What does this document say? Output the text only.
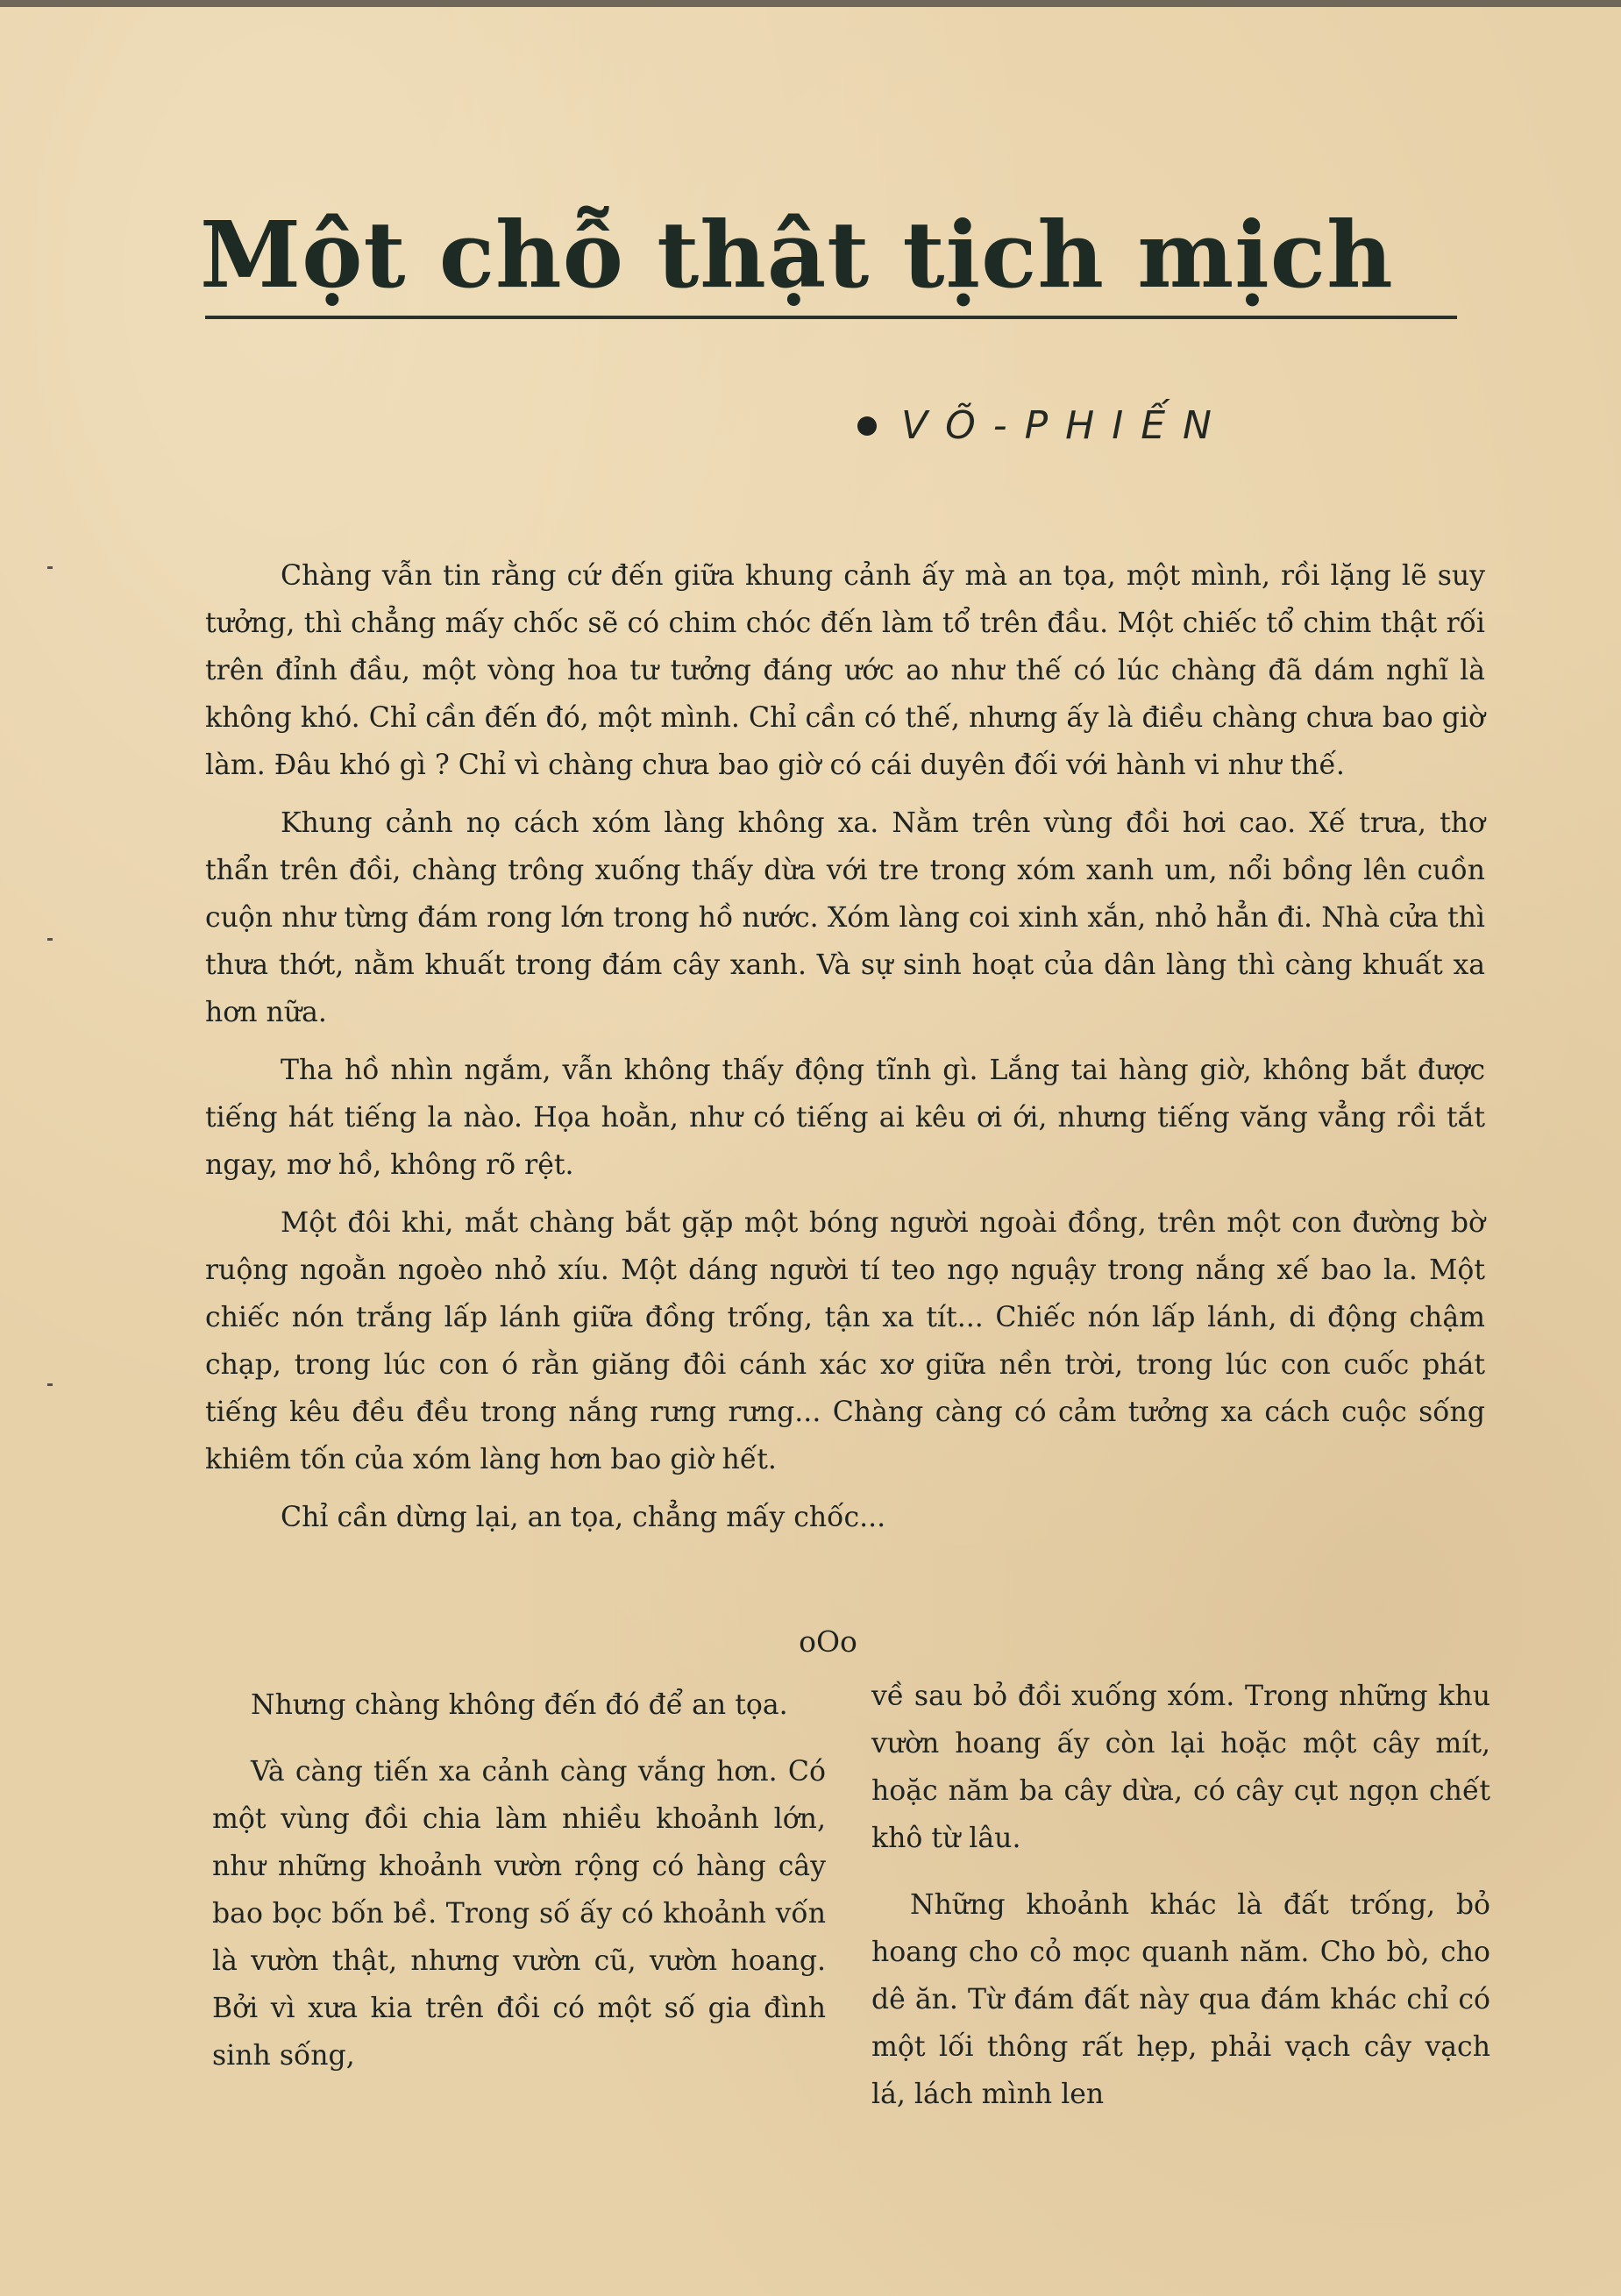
Một chỗ thật tịch mịch
VÕ-PHIẾN

Chàng vẫn tin rằng cứ đến giữa khung cảnh ấy mà an tọa, một mình, rồi lặng lẽ suy tưởng, thì chẳng mấy chốc sẽ có chim chóc đến làm tổ trên đầu. Một chiếc tổ chim thật rối trên đỉnh đầu, một vòng hoa tư tưởng đáng ước ao như thế có lúc chàng đã dám nghĩ là không khó. Chỉ cần đến đó, một mình. Chỉ cần có thế, nhưng ấy là điều chàng chưa bao giờ làm. Đâu khó gì ? Chỉ vì chàng chưa bao giờ có cái duyên đối với hành vi như thế.

Khung cảnh nọ cách xóm làng không xa. Nằm trên vùng đồi hơi cao. Xế trưa, thơ thẩn trên đồi, chàng trông xuống thấy dừa với tre trong xóm xanh um, nổi bồng lên cuồn cuộn như từng đám rong lớn trong hồ nước. Xóm làng coi xinh xắn, nhỏ hẳn đi. Nhà cửa thì thưa thớt, nằm khuất trong đám cây xanh. Và sự sinh hoạt của dân làng thì càng khuất xa hơn nữa.

Tha hồ nhìn ngắm, vẫn không thấy động tĩnh gì. Lắng tai hàng giờ, không bắt được tiếng hát tiếng la nào. Họa hoằn, như có tiếng ai kêu ơi ới, nhưng tiếng văng vẳng rồi tắt ngay, mơ hồ, không rõ rệt.

Một đôi khi, mắt chàng bắt gặp một bóng người ngoài đồng, trên một con đường bờ ruộng ngoằn ngoèo nhỏ xíu. Một dáng người tí teo ngọ nguậy trong nắng xế bao la. Một chiếc nón trắng lấp lánh giữa đồng trống, tận xa tít... Chiếc nón lấp lánh, di động chậm chạp, trong lúc con ó rằn giăng đôi cánh xác xơ giữa nền trời, trong lúc con cuốc phát tiếng kêu đều đều trong nắng rưng rưng... Chàng càng có cảm tưởng xa cách cuộc sống khiêm tốn của xóm làng hơn bao giờ hết.

Chỉ cần dừng lại, an tọa, chẳng mấy chốc...

oOo

Nhưng chàng không đến đó để an tọa.

Và càng tiến xa cảnh càng vắng hơn. Có một vùng đồi chia làm nhiều khoảnh lớn, như những khoảnh vườn rộng có hàng cây bao bọc bốn bề. Trong số ấy có khoảnh vốn là vườn thật, nhưng vườn cũ, vườn hoang. Bởi vì xưa kia trên đồi có một số gia đình sinh sống,

về sau bỏ đồi xuống xóm. Trong những khu vườn hoang ấy còn lại hoặc một cây mít, hoặc năm ba cây dừa, có cây cụt ngọn chết khô từ lâu.

Những khoảnh khác là đất trống, bỏ hoang cho cỏ mọc quanh năm. Cho bò, cho dê ăn. Từ đám đất này qua đám khác chỉ có một lối thông rất hẹp, phải vạch cây vạch lá, lách mình len
